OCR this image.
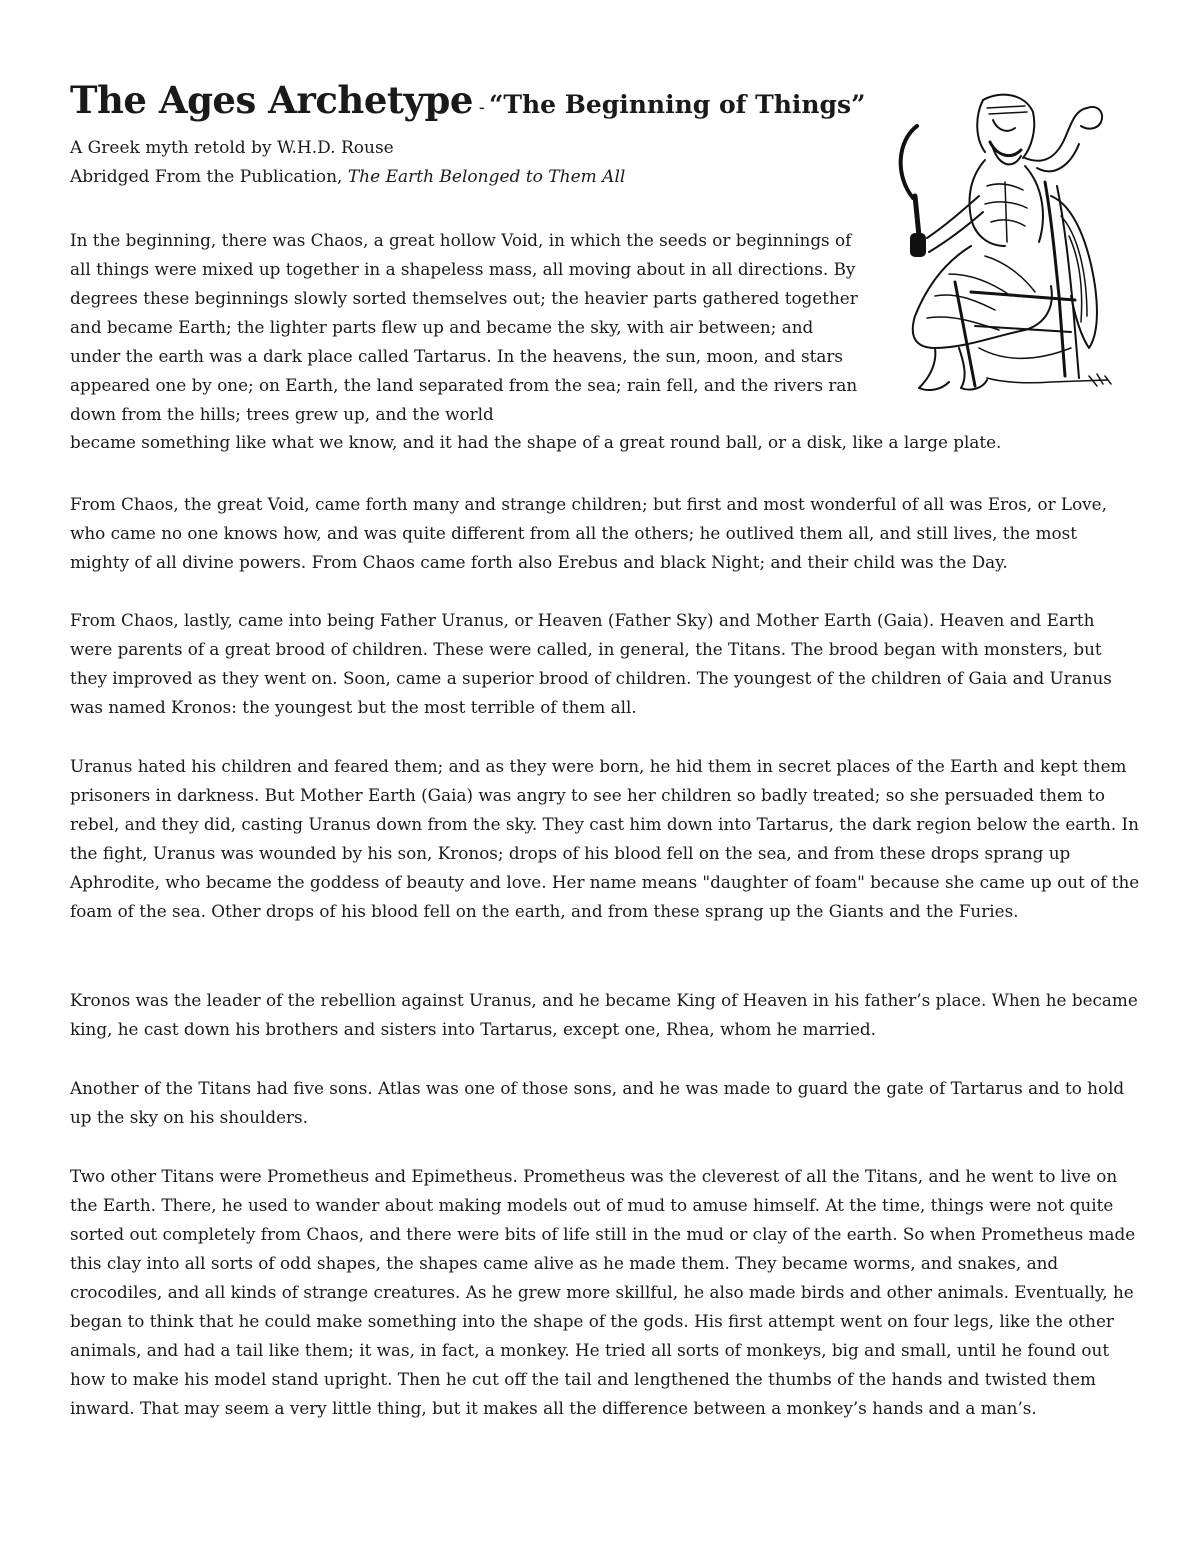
The Ages Archetype - “The Beginning of Things”
A Greek myth retold by W.H.D. Rouse
Abridged From the Publication, The Earth Belonged to Them All

In the beginning, there was Chaos, a great hollow Void, in which the seeds or beginnings of all things were mixed up together in a shapeless mass, all moving about in all directions. By degrees these beginnings slowly sorted themselves out; the heavier parts gathered together and became Earth; the lighter parts flew up and became the sky, with air between; and under the earth was a dark place called Tartarus. In the heavens, the sun, moon, and stars appeared one by one; on Earth, the land separated from the sea; rain fell, and the rivers ran down from the hills; trees grew up, and the world

became something like what we know, and it had the shape of a great round ball, or a disk, like a large plate.

From Chaos, the great Void, came forth many and strange children; but first and most wonderful of all was Eros, or Love, who came no one knows how, and was quite different from all the others; he outlived them all, and still lives, the most mighty of all divine powers. From Chaos came forth also Erebus and black Night; and their child was the Day.

From Chaos, lastly, came into being Father Uranus, or Heaven (Father Sky) and Mother Earth (Gaia). Heaven and Earth were parents of a great brood of children. These were called, in general, the Titans. The brood began with monsters, but they improved as they went on. Soon, came a superior brood of children. The youngest of the children of Gaia and Uranus was named Kronos: the youngest but the most terrible of them all.

Uranus hated his children and feared them; and as they were born, he hid them in secret places of the Earth and kept them prisoners in darkness. But Mother Earth (Gaia) was angry to see her children so badly treated; so she persuaded them to rebel, and they did, casting Uranus down from the sky. They cast him down into Tartarus, the dark region below the earth. In the fight, Uranus was wounded by his son, Kronos; drops of his blood fell on the sea, and from these drops sprang up Aphrodite, who became the goddess of beauty and love. Her name means "daughter of foam" because she came up out of the foam of the sea. Other drops of his blood fell on the earth, and from these sprang up the Giants and the Furies.

Kronos was the leader of the rebellion against Uranus, and he became King of Heaven in his father’s place. When he became king, he cast down his brothers and sisters into Tartarus, except one, Rhea, whom he married.

Another of the Titans had five sons. Atlas was one of those sons, and he was made to guard the gate of Tartarus and to hold up the sky on his shoulders.

Two other Titans were Prometheus and Epimetheus. Prometheus was the cleverest of all the Titans, and he went to live on the Earth. There, he used to wander about making models out of mud to amuse himself. At the time, things were not quite sorted out completely from Chaos, and there were bits of life still in the mud or clay of the earth. So when Prometheus made this clay into all sorts of odd shapes, the shapes came alive as he made them. They became worms, and snakes, and crocodiles, and all kinds of strange creatures. As he grew more skillful, he also made birds and other animals. Eventually, he began to think that he could make something into the shape of the gods. His first attempt went on four legs, like the other animals, and had a tail like them; it was, in fact, a monkey. He tried all sorts of monkeys, big and small, until he found out how to make his model stand upright. Then he cut off the tail and lengthened the thumbs of the hands and twisted them inward. That may seem a very little thing, but it makes all the difference between a monkey’s hands and a man’s.
